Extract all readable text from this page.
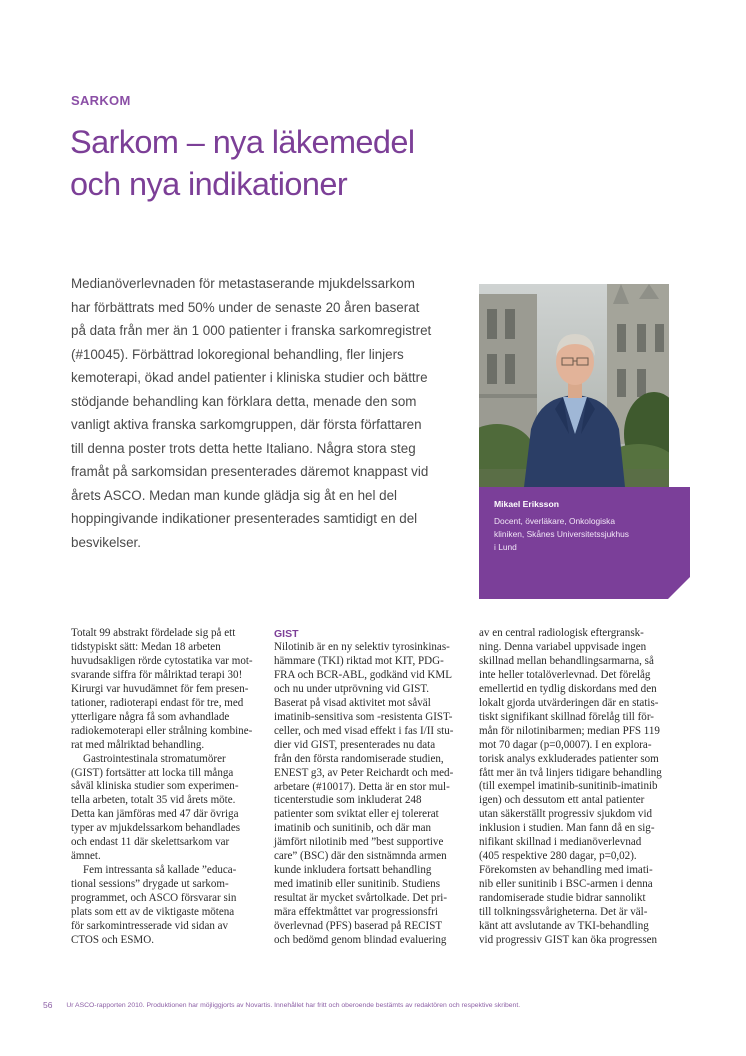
SARKOM
Sarkom – nya läkemedel
och nya indikationer

Medianöverlevnaden för metastaserande mjukdelssarkom
har förbättrats med 50% under de senaste 20 åren baserat
på data från mer än 1 000 patienter i franska sarkomregistret
(#10045). Förbättrad lokoregional behandling, fler linjers
kemoterapi, ökad andel patienter i kliniska studier och bättre
stödjande behandling kan förklara detta, menade den som
vanligt aktiva franska sarkomgruppen, där första författaren
till denna poster trots detta hette Italiano. Några stora steg
framåt på sarkomsidan presenterades däremot knappast vid
årets ASCO. Medan man kunde glädja sig åt en hel del
hoppingivande indikationer presenterades samtidigt en del
besvikelser.

Mikael Eriksson
Docent, överläkare, Onkologiska
kliniken, Skånes Universitetssjukhus
i Lund

Totalt 99 abstrakt fördelade sig på ett
tidstypiskt sätt: Medan 18 arbeten
huvudsakligen rörde cytostatika var mot-
svarande siffra för målriktad terapi 30!
Kirurgi var huvudämnet för fem presen-
tationer, radioterapi endast för tre, med
ytterligare några få som avhandlade
radiokemoterapi eller strålning kombine-
rat med målriktad behandling.

Gastrointestinala stromatumörer
(GIST) fortsätter att locka till många
såväl kliniska studier som experimen-
tella arbeten, totalt 35 vid årets möte.
Detta kan jämföras med 47 där övriga
typer av mjukdelssarkom behandlades
och endast 11 där skelettsarkom var
ämnet.

Fem intressanta så kallade ”educa-
tional sessions” drygade ut sarkom-
programmet, och ASCO försvarar sin
plats som ett av de viktigaste mötena
för sarkomintresserade vid sidan av
CTOS och ESMO.

GIST

Nilotinib är en ny selektiv tyrosinkinas-
hämmare (TKI) riktad mot KIT, PDG-
FRA och BCR-ABL, godkänd vid KML
och nu under utprövning vid GIST.
Baserat på visad aktivitet mot såväl
imatinib-sensitiva som -resistenta GIST-
celler, och med visad effekt i fas I/II stu-
dier vid GIST, presenterades nu data
från den första randomiserade studien,
ENEST g3, av Peter Reichardt och med-
arbetare (#10017). Detta är en stor mul-
ticenterstudie som inkluderat 248
patienter som sviktat eller ej tolererat
imatinib och sunitinib, och där man
jämfört nilotinib med ”best supportive
care” (BSC) där den sistnämnda armen
kunde inkludera fortsatt behandling
med imatinib eller sunitinib. Studiens
resultat är mycket svårtolkade. Det pri-
mära effektmåttet var progressionsfri
överlevnad (PFS) baserad på RECIST
och bedömd genom blindad evaluering

av en central radiologisk eftergransk-
ning. Denna variabel uppvisade ingen
skillnad mellan behandlingsarmarna, så
inte heller totalöverlevnad. Det förelåg
emellertid en tydlig diskordans med den
lokalt gjorda utvärderingen där en statis-
tiskt signifikant skillnad förelåg till för-
mån för nilotinibarmen; median PFS 119
mot 70 dagar (p=0,0007). I en explora-
torisk analys exkluderades patienter som
fått mer än två linjers tidigare behandling
(till exempel imatinib-sunitinib-imatinib
igen) och dessutom ett antal patienter
utan säkerställt progressiv sjukdom vid
inklusion i studien. Man fann då en sig-
nifikant skillnad i medianöverlevnad
(405 respektive 280 dagar, p=0,02).
Förekomsten av behandling med imati-
nib eller sunitinib i BSC-armen i denna
randomiserade studie bidrar sannolikt
till tolkningssvårigheterna. Det är väl-
känt att avslutande av TKI-behandling
vid progressiv GIST kan öka progressen

56 Ur ASCO-rapporten 2010. Produktionen har möjliggjorts av Novartis. Innehållet har fritt och oberoende bestämts av redaktören och respektive skribent.
